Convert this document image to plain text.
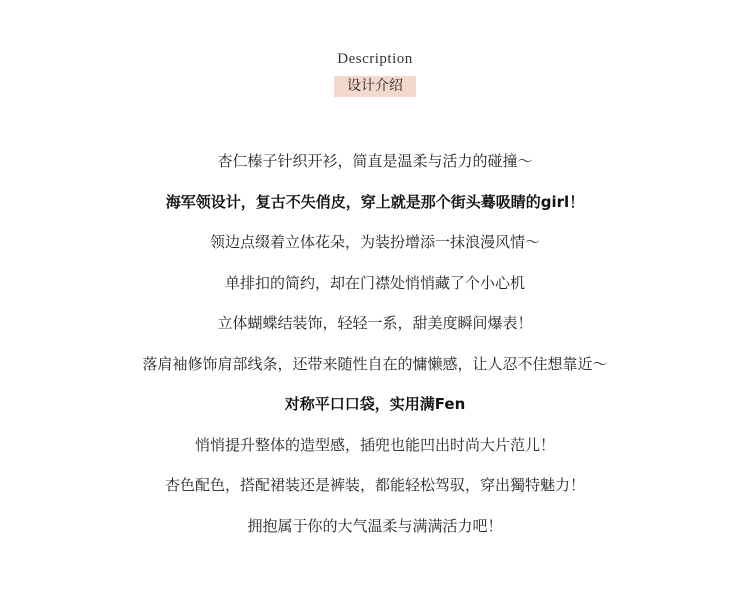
Description
设计介绍
杏仁榛子针织开衫，简直是温柔与活力的碰撞～
海军领设计，复古不失俏皮，穿上就是那个街头蓦吸睛的girl！
领边点缀着立体花朵，为装扮增添一抹浪漫风情～
单排扣的简约，却在门襟处悄悄藏了个小心机
立体蝴蝶结装饰，轻轻一系，甜美度瞬间爆表！
落肩袖修饰肩部线条，还带来随性自在的慵懒感，让人忍不住想靠近～
对称平口口袋，实用满Fen
悄悄提升整体的造型感，插兜也能凹出时尚大片范儿！
杏色配色，搭配裙装还是裤装，都能轻松驾驭，穿出獨特魅力！
拥抱属于你的大气温柔与满满活力吧！
